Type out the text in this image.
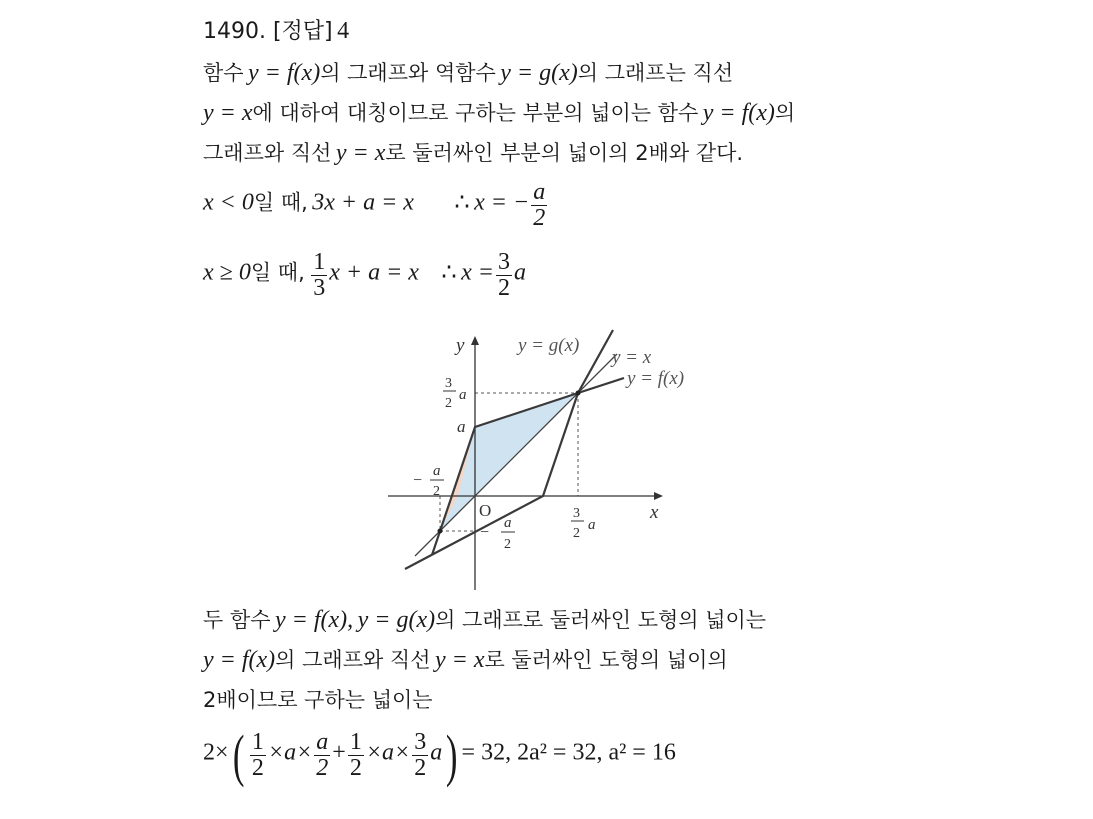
1490. [정답] 4
함수 y = f(x)의 그래프와 역함수 y = g(x)의 그래프는 직선
y = x에 대하여 대칭이므로 구하는 부분의 넓이는 함수 y = f(x)의
그래프와 직선 y = x로 둘러싸인 부분의 넓이의 2배와 같다.
x < 0일 때, 3x + a = x ∴ x = − $\frac{a}{2}$
x ≥ 0일 때, $\frac{1}{3}$ x + a = x ∴ $x = \frac{3}{2}$ a
y
x
O
y = g(x)
y = x
y = f(x)
a
3
2
a
−
a
2
−
a
2
3
2
a
두 함수 y = f(x), y = g(x)의 그래프로 둘러싸인 도형의 넓이는
y = f(x)의 그래프와 직선 y = x로 둘러싸인 도형의 넓이의
2배이므로 구하는 넓이는
$2\times( \frac{1}{2} \times a\times \frac{a}{2} + \frac{1}{2} \times a\times \frac{3}{2} a) = 32$, 2a² = 32, a² = 16
